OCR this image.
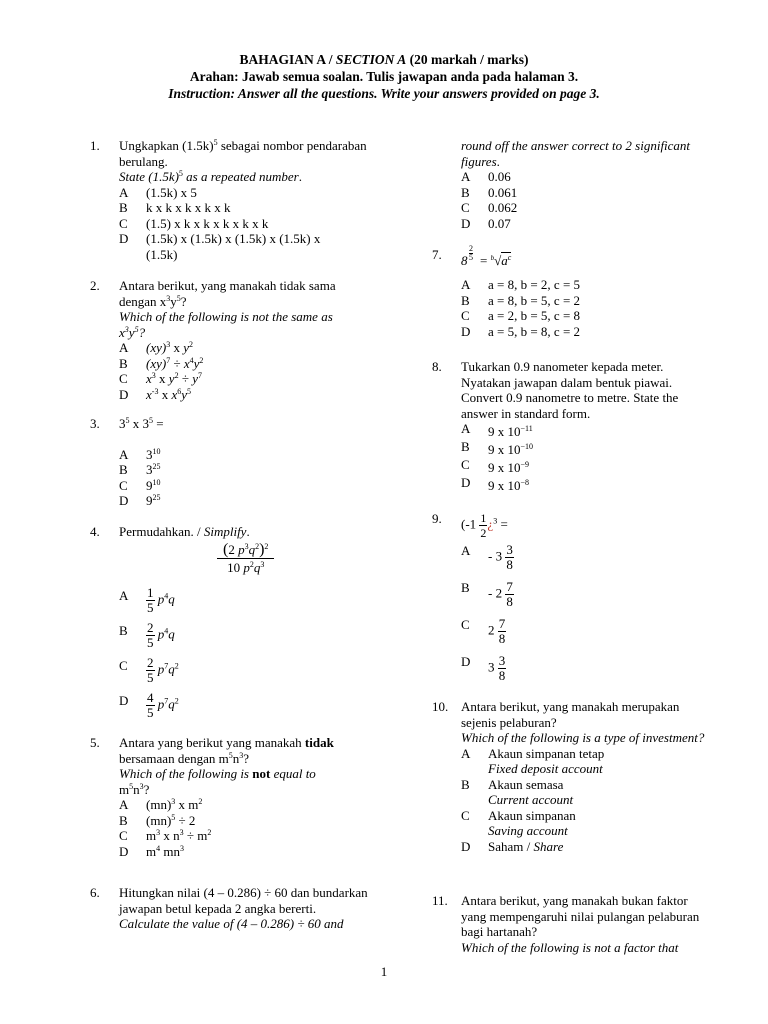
BAHAGIAN A / SECTION A (20 markah / marks)
Arahan: Jawab semua soalan. Tulis jawapan anda pada halaman 3.
Instruction: Answer all the questions. Write your answers provided on page 3.
1. Ungkapkan $(1.5k)^5$ sebagai nombor pendaraban berulang.
State $(1.5k)^5$ as a repeated number.
A (1.5k) x 5
B k x k x k x k x k
C (1.5) x k x k x k x k x k
D (1.5k) x (1.5k) x (1.5k) x (1.5k) x
(1.5k)
2. Antara berikut, yang manakah tidak sama dengan $x^3y^5$?
Which of the following is not the same as
$x^3y^5$?
A (xy)$^3$ x $y^2$
B $(xy)^7 \div x^4y^2$
C $x^3$ x $y^2 \div y^7$
D $x^{-3}$ x $x^6y^5$
3. $3^5$ x $3^5$ =
A $3^{10}$
B $3^{25}$
C $9^{10}$
D $9^{25}$
4. Permudahkan. / Simplify.
$\frac{(2 p^3q^2)^2}{10 p^2q^3}$
A $\frac{1}{5} p^4q$
B $\frac{2}{5} p^4q$
C $\frac{2}{5} p^7q^2$
D $\frac{4}{5} p^7q^2$
5. Antara yang berikut yang manakah tidak bersamaan dengan $m^5n^3$?
Which of the following is not equal to
$m^5n^3$?
A (mn)$^3$ x $m^2$
B (mn)$^5$ ÷ 2
C $m^3$ x $n^3 \div m^2$
D $m^4$ $mn^3$
6. Hitungkan nilai (4 – 0.286) ÷ 60 dan bundarkan jawapan betul kepada 2 angka bererti.
Calculate the value of (4 – 0.286) ÷ 60 and
round off the answer correct to 2 significant figures.
A 0.06
B 0.061
C 0.062
D 0.07
7. 8
2
$5 = ^b√a^c$
A a = 8, b = 2, c = 5
B a = 8, b = 5, c = 2
C a = 2, b = 5, c = 8
D a = 5, b = 8, c = 2
8. Tukarkan 0.9 nanometer kepada meter. Nyatakan jawapan dalam bentuk piawai. Convert 0.9 nanometre to metre. State the answer in standard form.
A 9 x $10^{-11}$
B 9 x $10^{-10}$
C 9 x $10^{-9}$
D 9 x $10^{-8}$
9. ($-1 \frac{1}{2}$ ¿$^3$ =
A - $3 \frac{3}{8}$
B - $2 \frac{7}{8}$
C $2 \frac{7}{8}$
D $3 \frac{3}{8}$
10. Antara berikut, yang manakah merupakan sejenis pelaburan?
Which of the following is a type of investment?
A Akaun simpanan tetap
Fixed deposit account
B Akaun semasa
Current account
C Akaun simpanan
Saving account
D Saham / Share
11. Antara berikut, yang manakah bukan faktor yang mempengaruhi nilai pulangan pelaburan bagi hartanah?
Which of the following is not a factor that
1
